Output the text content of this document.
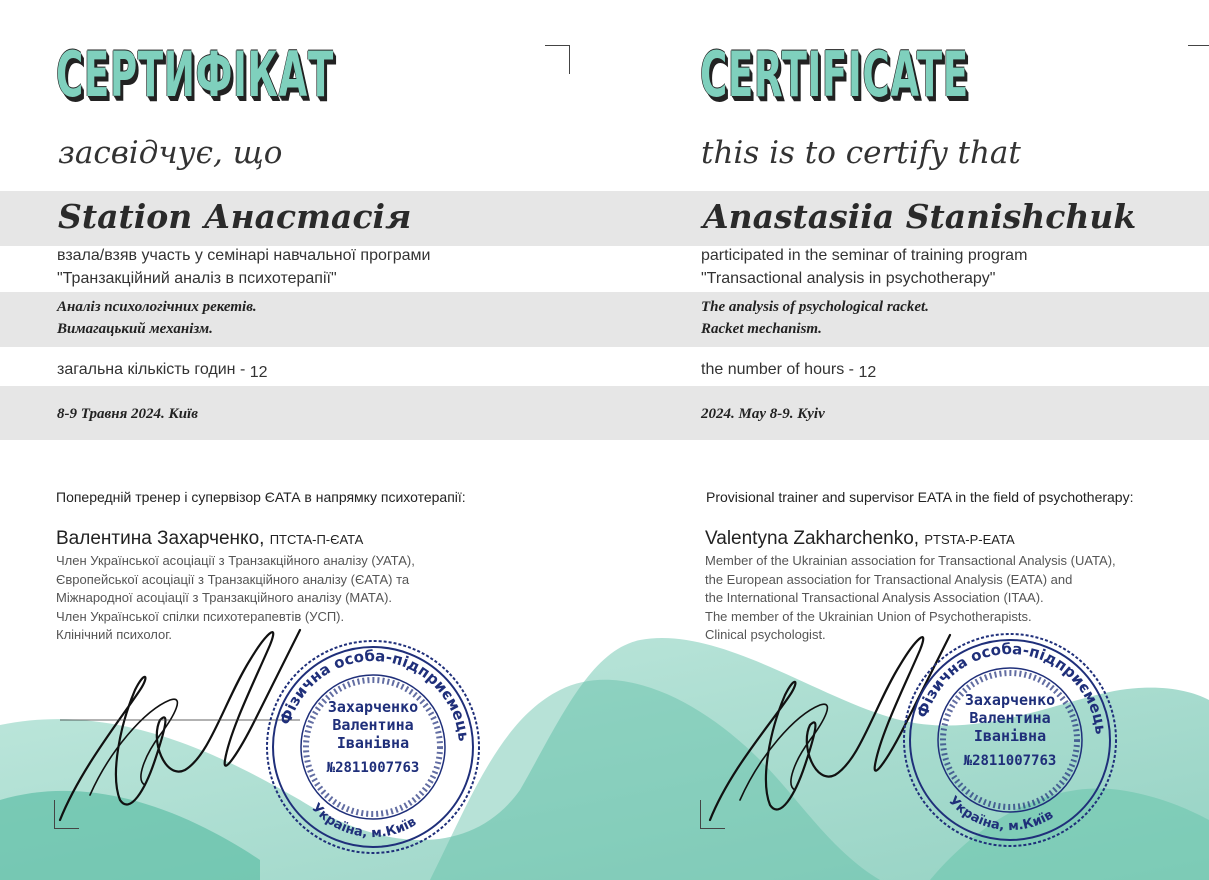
СЕРТИФІКАТ
засвідчує, що
Station Анастасія
взала/взяв участь у семінарі навчальної програми
"Транзакційний аналіз в психотерапії"
Аналіз психологічних рекетів.
Вимагацький механізм.
загальна кількість годин - 12
8-9 Травня 2024. Київ
Попередній тренер і супервізор ЄАТА в напрямку психотерапії:
Валентина Захарченко, ПТСТА-П-ЄАТА
Член Української асоціації з Транзакційного аналізу (УАТА),
Європейської асоціації з Транзакційного аналізу (ЄАТА) та
Міжнародної асоціації з Транзакційного аналізу (МАТА).
Член Української спілки психотерапевтів (УСП).
Клінічний психолог.
CERTIFICATE
this is to certify that
Anastasiia Stanishchuk
participated in the seminar of training program
"Transactional analysis in psychotherapy"
The analysis of psychological racket.
Racket mechanism.
the number of hours - 12
2024. May 8-9. Kyiv
Provisional trainer and supervisor EATA in the field of psychotherapy:
Valentyna Zakharchenko, PTSTA-P-EATA
Member of the Ukrainian association for Transactional Analysis (UATA),
the European association for Transactional Analysis (EATA) and
the International Transactional Analysis Association (ITAA).
The member of the Ukrainian Union of Psychotherapists.
Clinical psychologist.
Фізична особа-підприємець
Україна, м.Київ
Захарченко
Валентина
Іванівна
№2811007763
Фізична особа-підприємець
Україна, м.Київ
Захарченко
Валентина
Іванівна
№2811007763
